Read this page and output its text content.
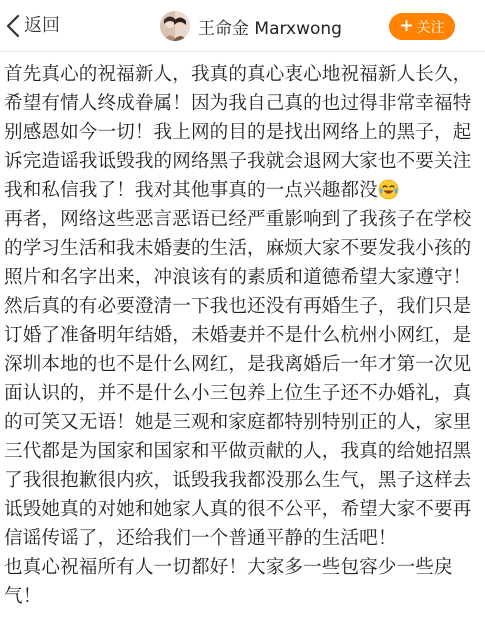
返回	王命金 Marxwong	+ 关注

首先真心的祝福新人，我真的真心衷心地祝福新人长久，希望有情人终成眷属！因为我自己真的也过得非常幸福特别感恩如今一切！我上网的目的是找出网络上的黑子，起诉完造谣我诋毁我的网络黑子我就会退网大家也不要关注我和私信我了！我对其他事真的一点兴趣都没

再者，网络这些恶言恶语已经严重影响到了我孩子在学校的学习生活和我未婚妻的生活，麻烦大家不要发我小孩的照片和名字出来，冲浪该有的素质和道德希望大家遵守！然后真的有必要澄清一下我也还没有再婚生子，我们只是订婚了准备明年结婚，未婚妻并不是什么杭州小网红，是深圳本地的也不是什么网红，是我离婚后一年才第一次见面认识的，并不是什么小三包养上位生子还不办婚礼，真的可笑又无语！她是三观和家庭都特别特别正的人，家里三代都是为国家和国家和平做贡献的人，我真的给她招黑了我很抱歉很内疚，诋毁我我都没那么生气，黑子这样去诋毁她真的对她和她家人真的很不公平，希望大家不要再信谣传谣了，还给我们一个普通平静的生活吧！

也真心祝福所有人一切都好！大家多一些包容少一些戾气！
